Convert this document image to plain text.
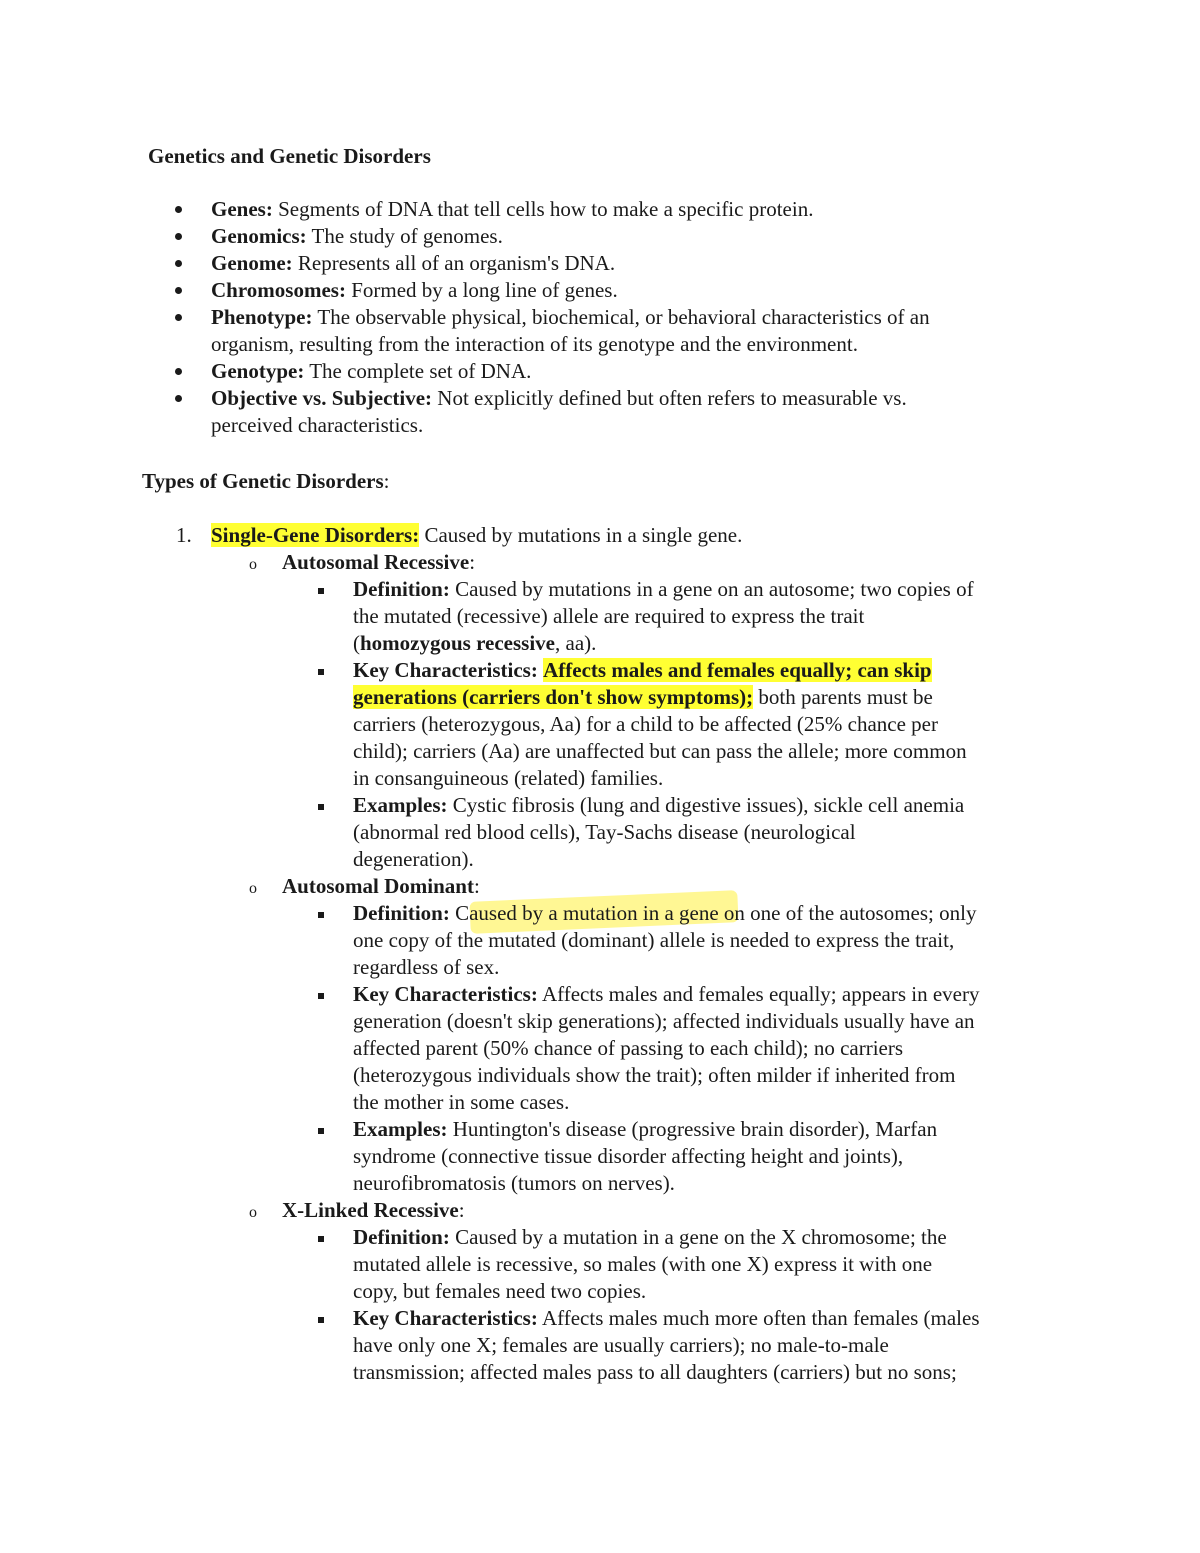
Genetics and Genetic Disorders
Genes: Segments of DNA that tell cells how to make a specific protein.
Genomics: The study of genomes.
Genome: Represents all of an organism's DNA.
Chromosomes: Formed by a long line of genes.
Phenotype: The observable physical, biochemical, or behavioral characteristics of an
organism, resulting from the interaction of its genotype and the environment.
Genotype: The complete set of DNA.
Objective vs. Subjective: Not explicitly defined but often refers to measurable vs.
perceived characteristics.
Types of Genetic Disorders:
1. Single-Gene Disorders: Caused by mutations in a single gene.
o Autosomal Recessive:
Definition: Caused by mutations in a gene on an autosome; two copies of
the mutated (recessive) allele are required to express the trait
(homozygous recessive, aa).
Key Characteristics: Affects males and females equally; can skip
generations (carriers don't show symptoms); both parents must be
carriers (heterozygous, Aa) for a child to be affected (25% chance per
child); carriers (Aa) are unaffected but can pass the allele; more common
in consanguineous (related) families.
Examples: Cystic fibrosis (lung and digestive issues), sickle cell anemia
(abnormal red blood cells), Tay-Sachs disease (neurological
degeneration).
o Autosomal Dominant:
Definition: Caused by a mutation in a gene on one of the autosomes; only
one copy of the mutated (dominant) allele is needed to express the trait,
regardless of sex.
Key Characteristics: Affects males and females equally; appears in every
generation (doesn't skip generations); affected individuals usually have an
affected parent (50% chance of passing to each child); no carriers
(heterozygous individuals show the trait); often milder if inherited from
the mother in some cases.
Examples: Huntington's disease (progressive brain disorder), Marfan
syndrome (connective tissue disorder affecting height and joints),
neurofibromatosis (tumors on nerves).
o X-Linked Recessive:
Definition: Caused by a mutation in a gene on the X chromosome; the
mutated allele is recessive, so males (with one X) express it with one
copy, but females need two copies.
Key Characteristics: Affects males much more often than females (males
have only one X; females are usually carriers); no male-to-male
transmission; affected males pass to all daughters (carriers) but no sons;
